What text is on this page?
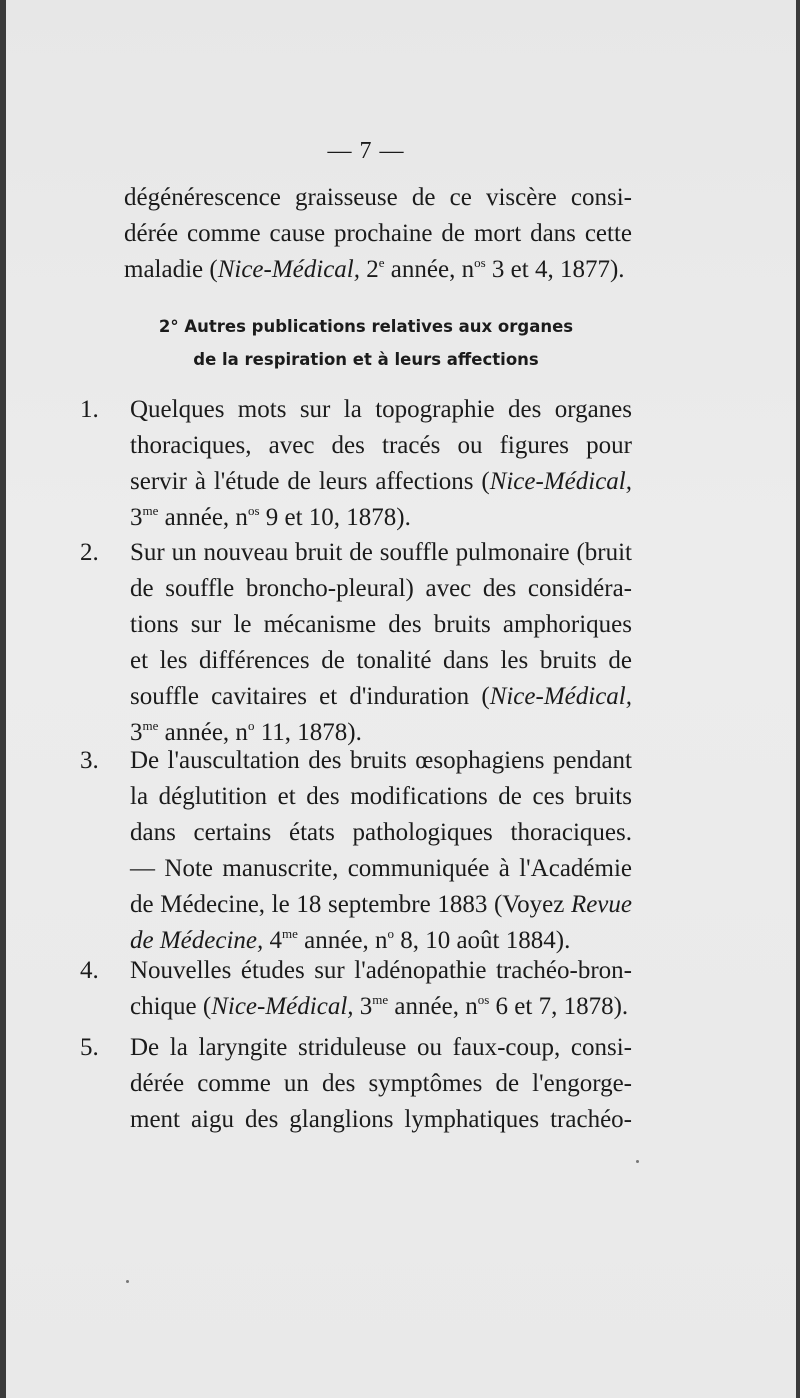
— 7 —
dégénérescence graisseuse de ce viscère consi-
dérée comme cause prochaine de mort dans cette
maladie (Nice-Médical, 2e année, $n^{os}$ 3 et 4, 1877).
2° Autres publications relatives aux organes
de la respiration et à leurs affections
1.	Quelques mots sur la topographie des organes
thoraciques, avec des tracés ou figures pour
servir à l'étude de leurs affections (Nice-Médical,
$3^{me}$ année, $n^{os}$ 9 et 10, 1878).
2.	Sur un nouveau bruit de souffle pulmonaire (bruit
de souffle broncho-pleural) avec des considéra-
tions sur le mécanisme des bruits amphoriques
et les différences de tonalité dans les bruits de
souffle cavitaires et d'induration (Nice-Médical,
$3^{me}$ année, $n^o$ 11, 1878).
3.	De l'auscultation des bruits œsophagiens pendant
la déglutition et des modifications de ces bruits
dans certains états pathologiques thoraciques.
— Note manuscrite, communiquée à l'Académie
de Médecine, le 18 septembre 1883 (Voyez Revue
de Médecine, $4^{me}$ année, $n^o$ 8, 10 août 1884).
4.	Nouvelles études sur l'adénopathie trachéo-bron-
chique (Nice-Médical, $3^{me}$ année, $n^{os}$ 6 et 7, 1878).
5.	De la laryngite striduleuse ou faux-coup, consi-
dérée comme un des symptômes de l'engorge-
ment aigu des glanglions lymphatiques trachéo-
